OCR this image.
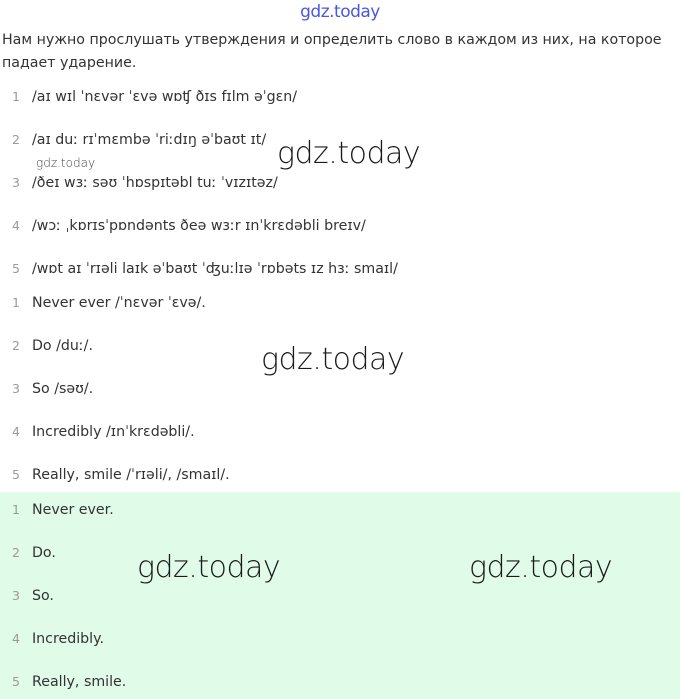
gdz.today
Нам нужно прослушать утверждения и определить слово в каждом из них, на которое падает ударение.
1 /aɪ wɪl ˈnɛvər ˈɛvə wɒʧ ðɪs fɪlm əˈgɛn/
2 /aɪ duː rɪˈmɛmbə ˈriːdɪŋ əˈbaʊt ɪt/
3 /ðeɪ wɜː səʊ ˈhɒspɪtəbl tuː ˈvɪzɪtəz/
4 /wɔː ˌkɒrɪsˈpɒndənts ðeə wɜːr ɪnˈkrɛdəbli breɪv/
5 /wɒt aɪ ˈrɪəli laɪk əˈbaʊt ˈʤuːlɪə ˈrɒbəts ɪz hɜː smaɪl/
1 Never ever /ˈnɛvər ˈɛvə/.
2 Do /duː/.
3 So /səʊ/.
4 Incredibly /ɪnˈkrɛdəbli/.
5 Really, smile /ˈrɪəli/, /smaɪl/.
1 Never ever.
2 Do.
3 So.
4 Incredibly.
5 Really, smile.
gdz.today
gdz.today
gdz.today
gdz.today	gdz.today
